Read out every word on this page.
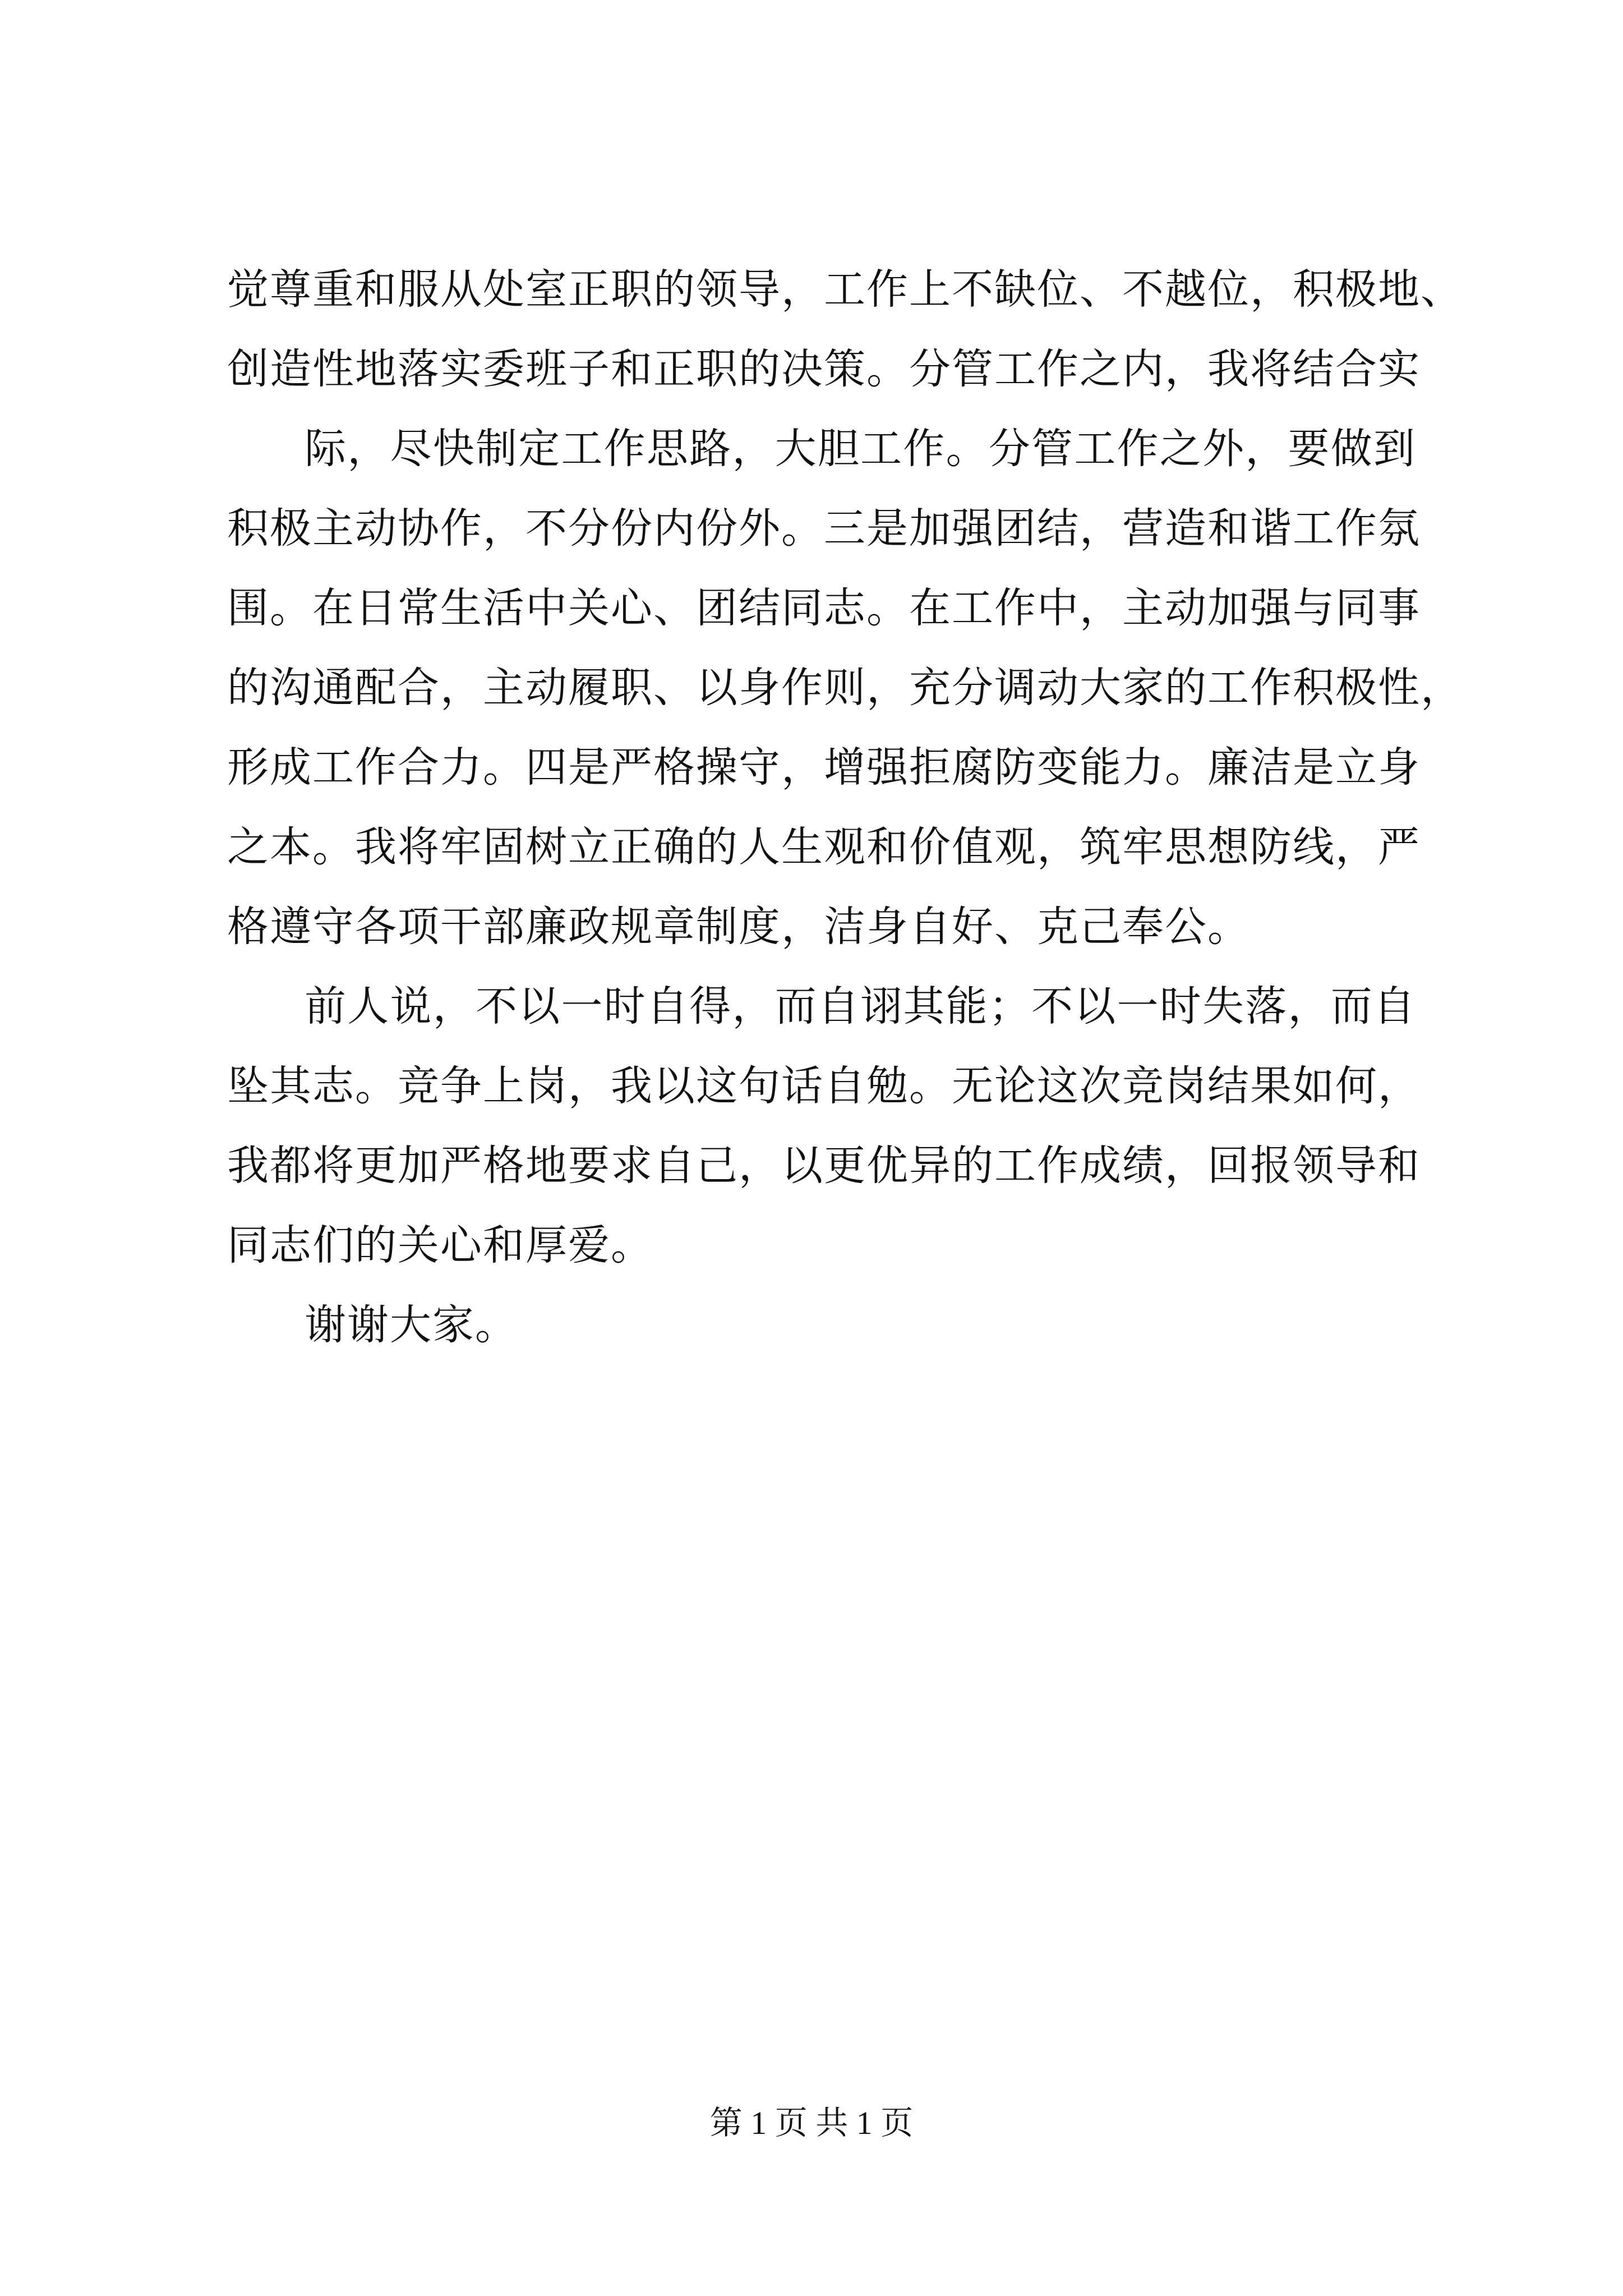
觉尊重和服从处室正职的领导，工作上不缺位、不越位，积极地、
创造性地落实委班子和正职的决策。分管工作之内，我将结合实
际，尽快制定工作思路，大胆工作。分管工作之外，要做到
积极主动协作，不分份内份外。三是加强团结，营造和谐工作氛
围。在日常生活中关心、团结同志。在工作中，主动加强与同事
的沟通配合，主动履职、以身作则，充分调动大家的工作积极性，
形成工作合力。四是严格操守，增强拒腐防变能力。廉洁是立身
之本。我将牢固树立正确的人生观和价值观，筑牢思想防线，严
格遵守各项干部廉政规章制度，洁身自好、克己奉公。
前人说，不以一时自得，而自诩其能；不以一时失落，而自
坠其志。竞争上岗，我以这句话自勉。无论这次竞岗结果如何，
我都将更加严格地要求自己，以更优异的工作成绩，回报领导和
同志们的关心和厚爱。
谢谢大家。
第 1 页 共 1 页
